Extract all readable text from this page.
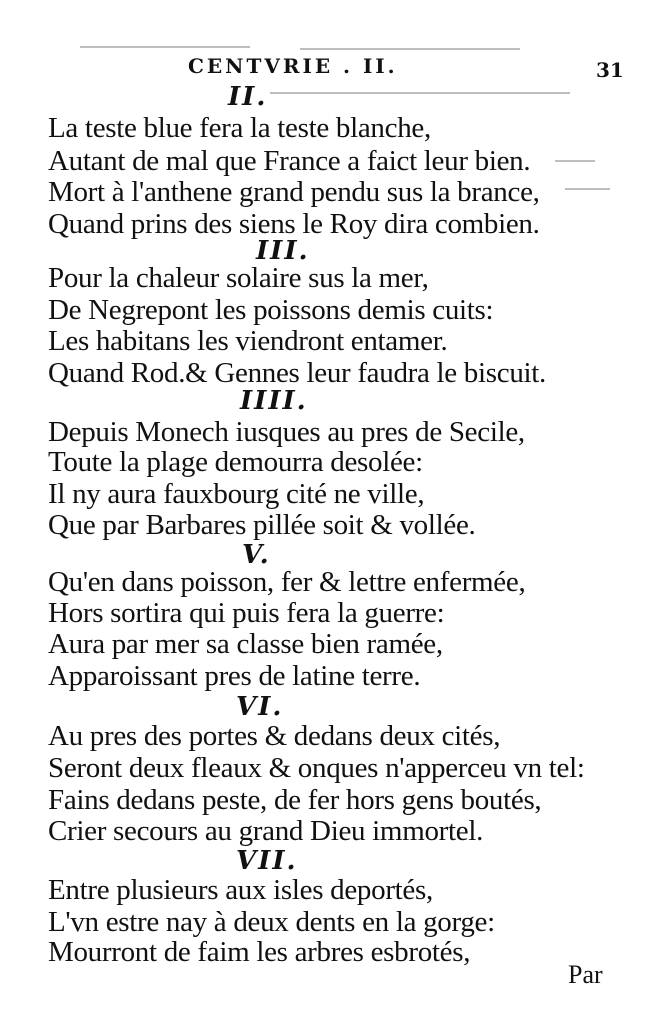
CENTVRIE . II.	31
II.
La teste blue fera la teste blanche,
Autant de mal que France a faict leur bien.
Mort à l'anthene grand pendu sus la brance,
Quand prins des siens le Roy dira combien.
III.
Pour la chaleur solaire sus la mer,
De Negrepont les poissons demis cuits:
Les habitans les viendront entamer.
Quand Rod.& Gennes leur faudra le biscuit.
IIII.
Depuis Monech iusques au pres de Secile,
Toute la plage demourra desolée:
Il ny aura fauxbourg cité ne ville,
Que par Barbares pillée soit & vollée.
V.
Qu'en dans poisson, fer & lettre enfermée,
Hors sortira qui puis fera la guerre:
Aura par mer sa classe bien ramée,
Apparoissant pres de latine terre.
VI.
Au pres des portes & dedans deux cités,
Seront deux fleaux & onques n'apperceu vn tel:
Fains dedans peste, de fer hors gens boutés,
Crier secours au grand Dieu immortel.
VII.
Entre plusieurs aux isles deportés,
L'vn estre nay à deux dents en la gorge:
Mourront de faim les arbres esbrotés,
Par
